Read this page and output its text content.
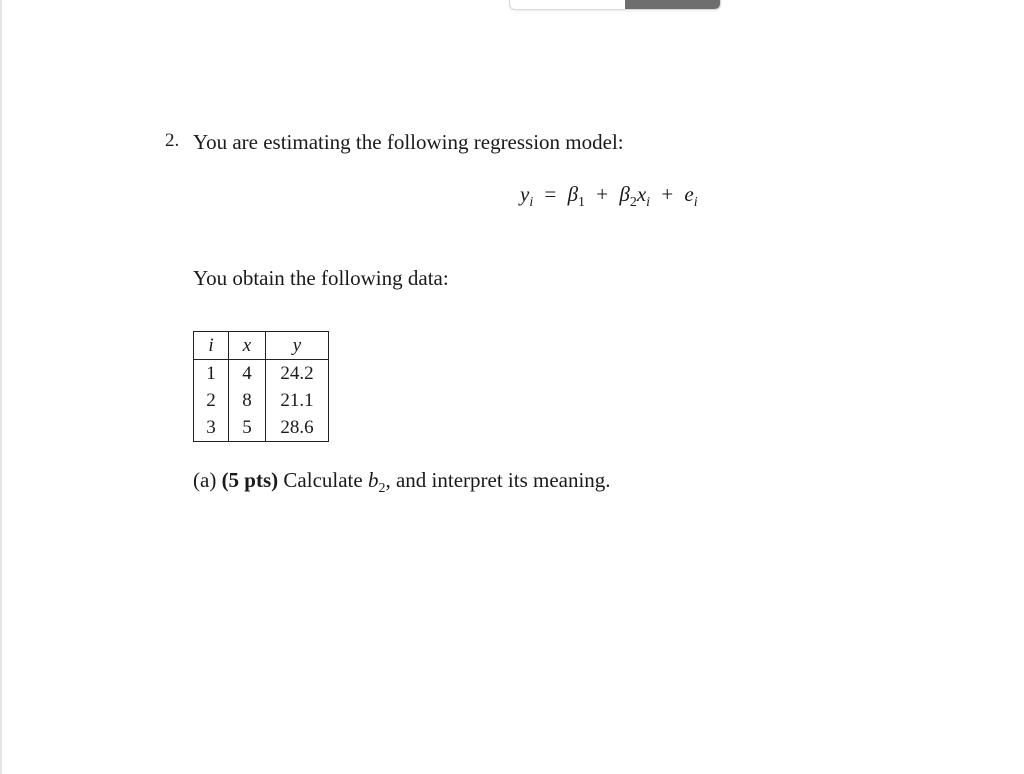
2. You are estimating the following regression model:
$y_i = \beta_1 + \beta_2x_i + e_i$
You obtain the following data:
i	x	y
1	4	24.2
2	8	21.1
3	5	28.6
(a) (5 pts) Calculate $b_2$, and interpret its meaning.
